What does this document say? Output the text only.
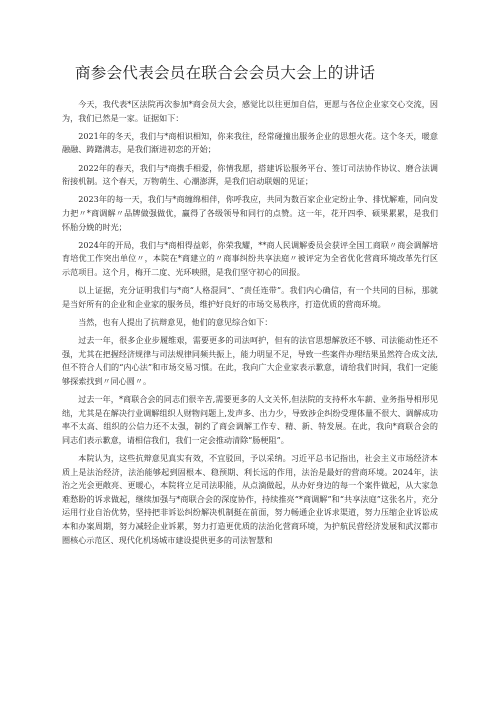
商参会代表会员在联合会会员大会上的讲话

今天，我代表*区法院再次参加*商会员大会，感觉比以往更加自信，更愿与各位企业家交心交流，因为，我们已然是一家。证据如下：

2021年的冬天，我们与*商相识相知，你来我往，经常碰撞出服务企业的思想火花。这个冬天，暖意融融、踌躇满志，是我们渐进初恋的开始；

2022年的春天，我们与*商携手相爱，你情我愿，搭建诉讼服务平台、签订司法协作协议、磨合法调衔接机制。这个春天，万物萌生、心潮澎湃，是我们启动联姻的见证；

2023年的每一天，我们与*商缠绵相伴，你呼我应，共同为数百家企业定纷止争、排忧解难，同向发力把〃*商调解〃品牌做强做优，赢得了各级领导和同行的点赞。这一年，花开四季、硕果累累，是我们怀胎分娩的时光；

2024年的开局，我们与*商相得益彰，你荣我耀，**商人民调解委员会获评全国工商联〃商会调解培育培优工作突出单位〃，本院在*商建立的〃商事纠纷共享法庭〃被评定为全省优化营商环境改革先行区示范项目。这个月，梅开二度、光环映照，是我们坚守初心的回报。

以上证据，充分证明我们与*商“人格混同”、“责任连带”。我们内心确信，有一个共同的目标，那就是当好所有的企业和企业家的服务员，维护好良好的市场交易秩序，打造优质的营商环境。

当然，也有人提出了抗辩意见，他们的意见综合如下：

过去一年，很多企业步履维艰，需要更多的司法呵护，但有的法官思想解放还不够、司法能动性还不强，尤其在把握经济规律与司法规律同频共振上，能力明显不足，导致一些案件办理结果虽然符合成文法,但不符合人们的“内心法”和市场交易习惯。在此，我向广大企业家表示歉意，请给我们时间，我们一定能够探索找到〃同心圆〃。

过去一年，*商联合会的同志们很辛苦,需要更多的人文关怀,但法院的支持杯水车薪、业务指导相形见绌，尤其是在解决行业调解组织人财物问题上,发声多、出力少，导致涉企纠纷受理体量不很大、调解成功率不太高、组织的公信力还不太强，制约了商会调解工作专、精、新、特发展。在此，我向*商联合会的同志们表示歉意，请相信我们，我们一定会推动清除“肠梗阻”。

本院认为，这些抗辩意见真实有效，不宜驳回，予以采纳。习近平总书记指出，社会主义市场经济本质上是法治经济，法治能够起到固根本、稳预期、利长远的作用，法治是最好的营商环境。2024年，法治之光会更敞亮、更暖心，本院将立足司法职能，从点滴做起，从办好身边的每一个案件做起，从大家急难愁盼的诉求做起，继续加强与*商联合会的深度协作，持续推亮“*商调解”和“共享法庭”这张名片，充分运用行业自治优势，坚持把非诉讼纠纷解决机制挺在前面，努力畅通企业诉求渠道，努力压缩企业诉讼成本和办案周期，努力减轻企业诉累，努力打造更优质的法治化营商环境，为护航民营经济发展和武汉都市圈核心示范区、现代化机场城市建设提供更多的司法智慧和
